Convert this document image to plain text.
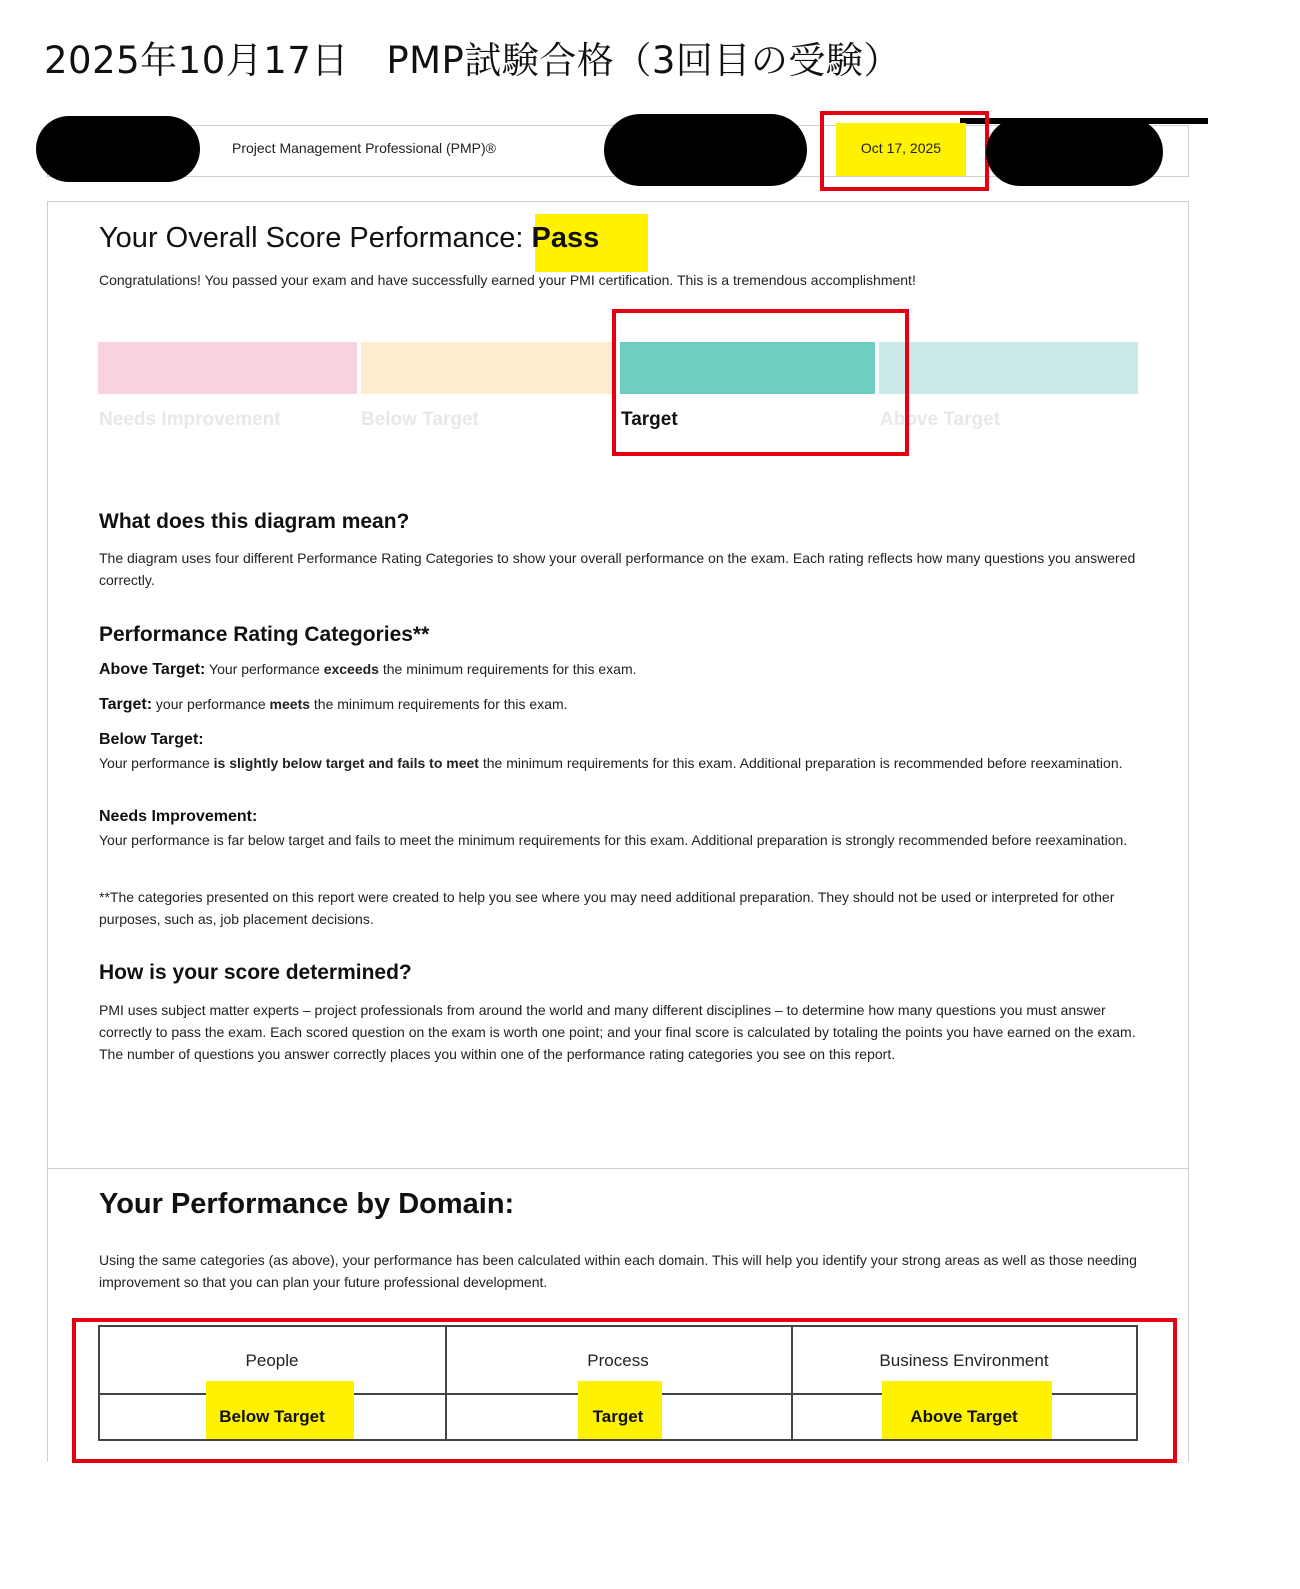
2025年10月17日　PMP試験合格（3回目の受験）
Project Management Professional (PMP)®	Oct 17, 2025
Your Overall Score Performance: Pass
Congratulations! You passed your exam and have successfully earned your PMI certification. This is a tremendous accomplishment!
Needs Improvement	Below Target	Target	Above Target
What does this diagram mean?

The diagram uses four different Performance Rating Categories to show your overall performance on the exam. Each rating reflects how many questions you answered correctly.

Performance Rating Categories**
Above Target: Your performance exceeds the minimum requirements for this exam.
Target: your performance meets the minimum requirements for this exam.
Below Target:

Your performance is slightly below target and fails to meet the minimum requirements for this exam. Additional preparation is recommended before reexamination.

Needs Improvement:

Your performance is far below target and fails to meet the minimum requirements for this exam. Additional preparation is strongly recommended before reexamination.

**The categories presented on this report were created to help you see where you may need additional preparation. They should not be used or interpreted for other purposes, such as, job placement decisions.

How is your score determined?

PMI uses subject matter experts – project professionals from around the world and many different disciplines – to determine how many questions you must answer correctly to pass the exam. Each scored question on the exam is worth one point; and your final score is calculated by totaling the points you have earned on the exam. The number of questions you answer correctly places you within one of the performance rating categories you see on this report.

Your Performance by Domain:

Using the same categories (as above), your performance has been calculated within each domain. This will help you identify your strong areas as well as those needing improvement so that you can plan your future professional development.

People	Process	Business Environment
Below Target	Target	Above Target
